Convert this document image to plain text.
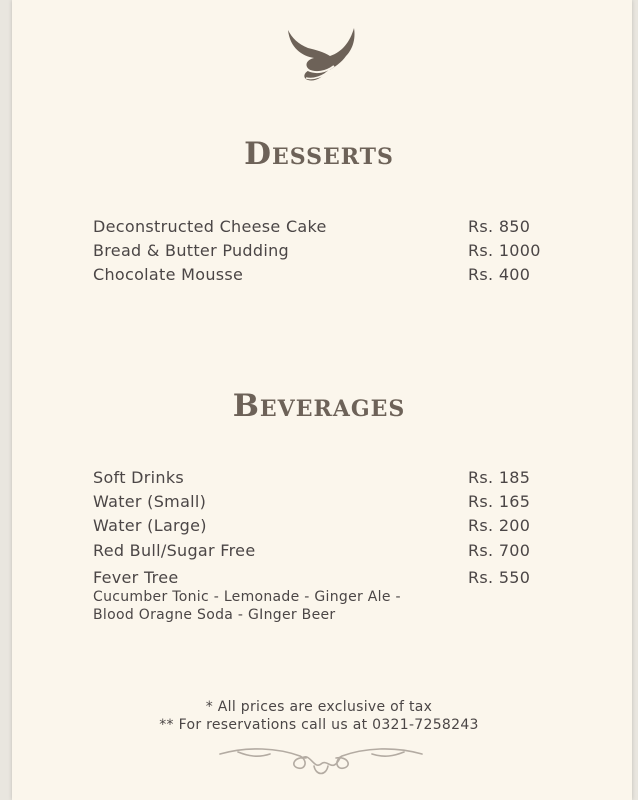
Desserts
Deconstructed Cheese Cake	Rs. 850
Bread & Butter Pudding	Rs. 1000
Chocolate Mousse	Rs. 400
Beverages
Soft Drinks	Rs. 185
Water (Small)	Rs. 165
Water (Large)	Rs. 200
Red Bull/Sugar Free	Rs. 700
Fever Tree	Rs. 550
Cucumber Tonic - Lemonade - Ginger Ale -
Blood Oragne Soda - GInger Beer
* All prices are exclusive of tax
** For reservations call us at 0321-7258243
